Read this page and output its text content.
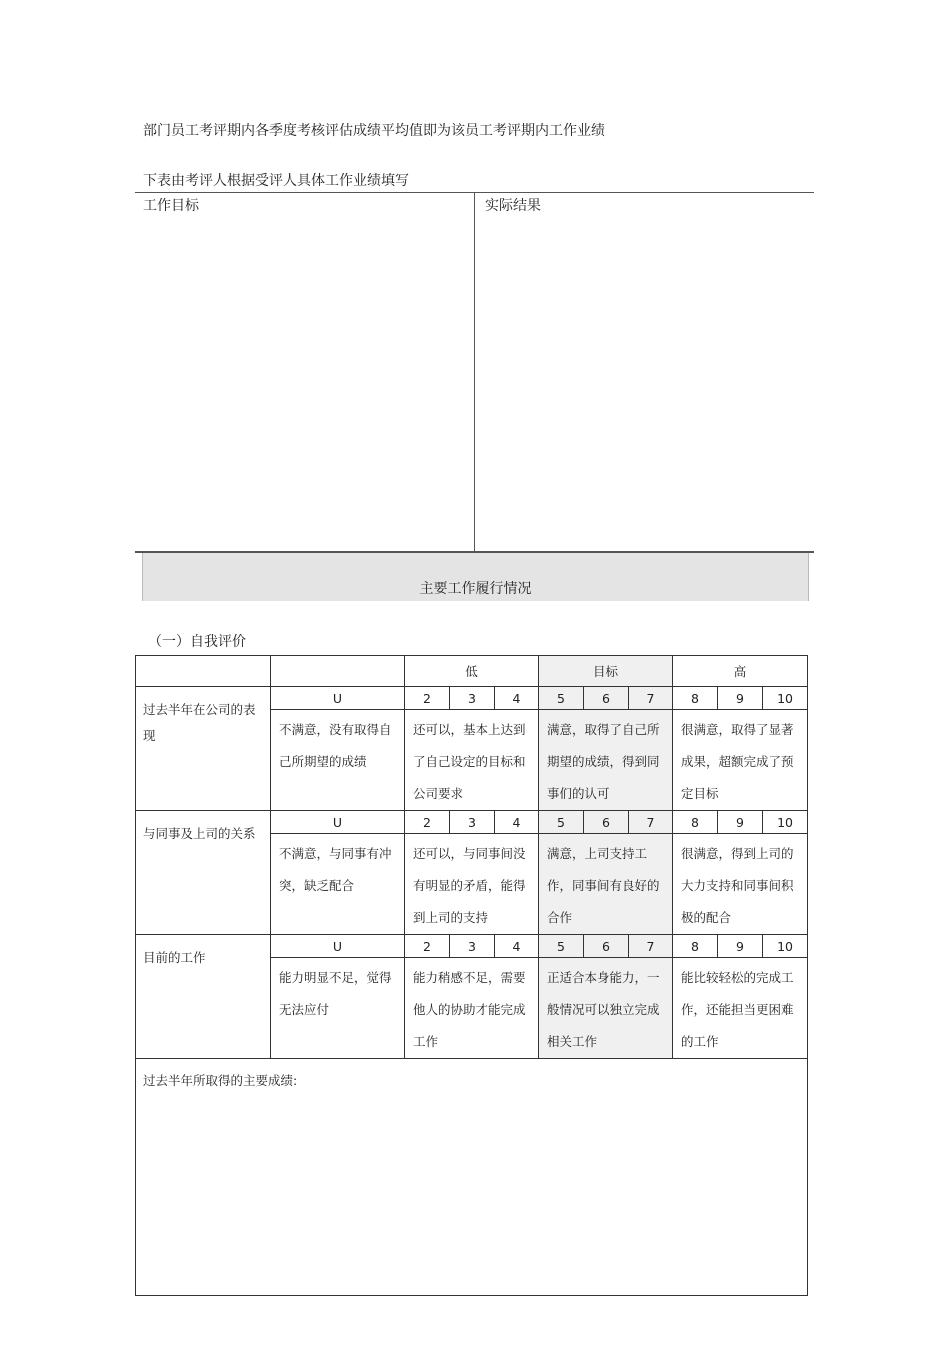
部门员工考评期内各季度考核评估成绩平均值即为该员工考评期内工作业绩
下表由考评人根据受评人具体工作业绩填写
工作目标	实际结果
主要工作履行情况
（一）自我评价
		低			目标			高		

过去半年在公司的表现	U	2	3	4	5	6	7	8	9	10
	不满意，没有取得自己所期望的成绩	还可以，基本上达到了自己设定的目标和公司要求			满意，取得了自己所期望的成绩，得到同事们的认可			很满意，取得了显著成果，超额完成了预定目标		

与同事及上司的关系	U	2	3	4	5	6	7	8	9	10
	不满意，与同事有冲突，缺乏配合	还可以，与同事间没有明显的矛盾，能得到上司的支持			满意，上司支持工作，同事间有良好的合作			很满意，得到上司的大力支持和同事间积极的配合		

目前的工作	U	2	3	4	5	6	7	8	9	10
	能力明显不足，觉得无法应付	能力稍感不足，需要他人的协助才能完成工作			正适合本身能力，一般情况可以独立完成相关工作			能比较轻松的完成工作，还能担当更困难的工作		
过去半年所取得的主要成绩:										
